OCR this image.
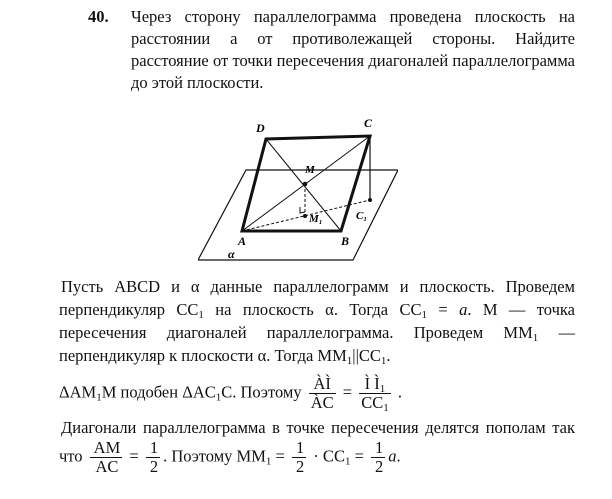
40. Через сторону параллелограмма проведена плоскость на расстоянии a от противолежащей стороны. Найдите расстояние от точки пересечения диагоналей параллелограмма до этой плоскости.

D	C
M
M₁	C₁
A	B
α

Пусть ABCD и α данные параллелограмм и плоскость. Проведем перпендикуляр $CC_1$ на плоскость α. Тогда $CC_1 = a$. M — точка пересечения диагоналей параллелограмма. Проведем $MM_1$ — перпендикуляр к плоскости α. Тогда $MM_1||CC_1$.

$\Delta AM_1M$ подобен $\Delta AC_1C$. Поэтому $\frac{ÀÌ}{ÀC} = \frac{Ì Ì_1}{CC_1}$ .

Диагонали параллелограмма в точке пересечения делятся пополам так что $\frac{AM}{AC} = \frac{1}{2}$ . Поэтому $MM_1 = \frac{1}{2} \cdot CC_1 = \frac{1}{2} a$.
